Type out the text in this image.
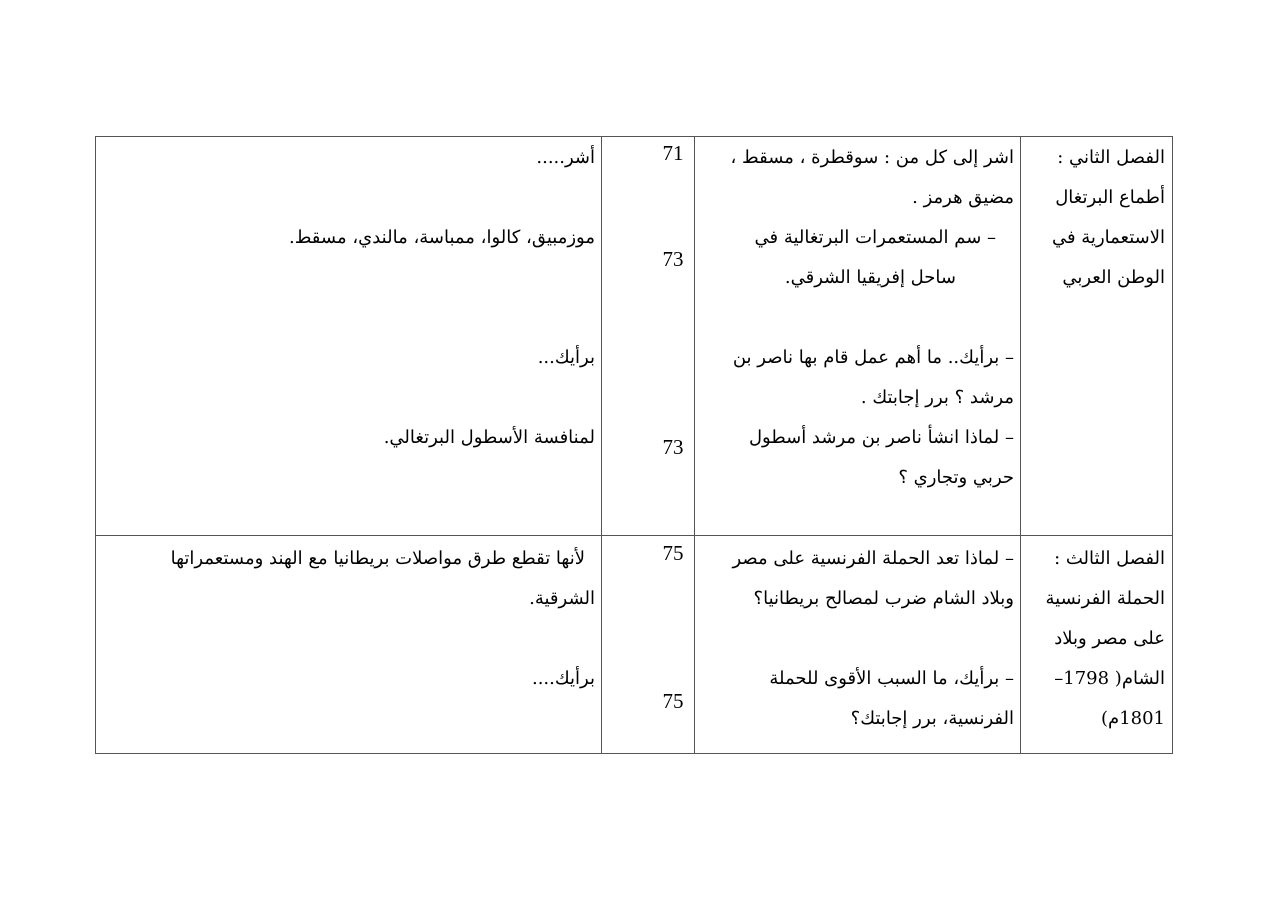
الفصل الثاني :
أطماع البرتغال
الاستعمارية في
الوطن العربي
اشر إلى كل من : سوقطرة ، مسقط ،
مضيق هرمز .
– سم المستعمرات البرتغالية في
ساحل إفريقيا الشرقي.
– برأيك.. ما أهم عمل قام بها ناصر بن
مرشد ؟ برر إجابتك .
– لماذا انشأ ناصر بن مرشد أسطول
حربي وتجاري ؟
71
73
73
أشر.....
موزمبيق، كالوا، ممباسة، مالندي، مسقط.
برأيك...
لمنافسة الأسطول البرتغالي.
الفصل الثالث :
الحملة الفرنسية
على مصر وبلاد
الشام( 1798–
1801م)
– لماذا تعد الحملة الفرنسية على مصر
وبلاد الشام ضرب لمصالح بريطانيا؟
– برأيك، ما السبب الأقوى للحملة
الفرنسية، برر إجابتك؟
75
75
لأنها تقطع طرق مواصلات بريطانيا مع الهند ومستعمراتها
الشرقية.
برأيك....
